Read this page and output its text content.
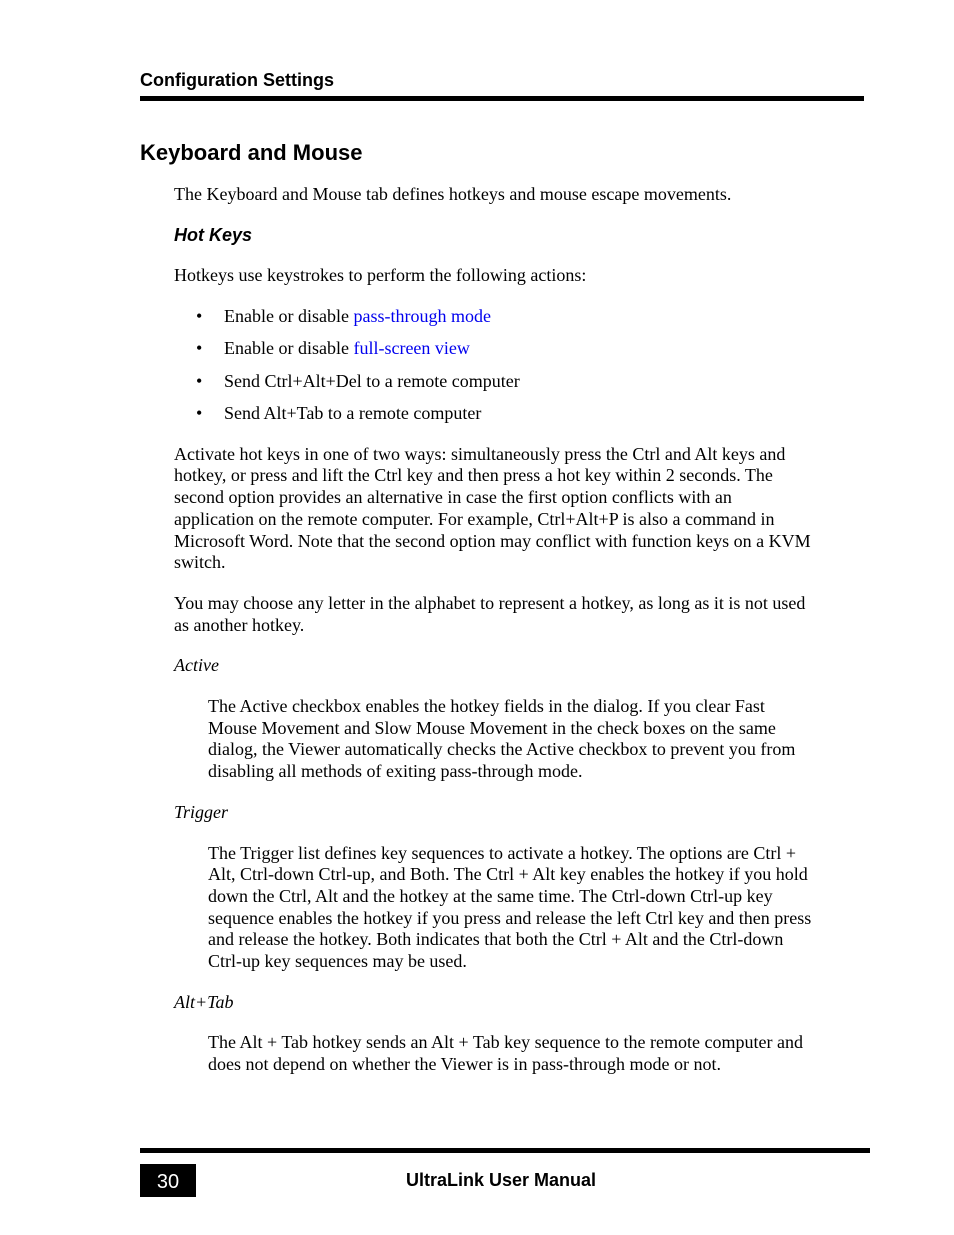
Configuration Settings
Keyboard and Mouse

The Keyboard and Mouse tab defines hotkeys and mouse escape movements.

Hot Keys

Hotkeys use keystrokes to perform the following actions:

• Enable or disable pass-through mode
• Enable or disable full-screen view
• Send Ctrl+Alt+Del to a remote computer
• Send Alt+Tab to a remote computer

Activate hot keys in one of two ways: simultaneously press the Ctrl and Alt keys and hotkey, or press and lift the Ctrl key and then press a hot key within 2 seconds. The second option provides an alternative in case the first option conflicts with an application on the remote computer. For example, Ctrl+Alt+P is also a command in Microsoft Word. Note that the second option may conflict with function keys on a KVM switch.

You may choose any letter in the alphabet to represent a hotkey, as long as it is not used as another hotkey.

Active

The Active checkbox enables the hotkey fields in the dialog. If you clear Fast Mouse Movement and Slow Mouse Movement in the check boxes on the same dialog, the Viewer automatically checks the Active checkbox to prevent you from disabling all methods of exiting pass-through mode.

Trigger

The Trigger list defines key sequences to activate a hotkey. The options are Ctrl + Alt, Ctrl-down Ctrl-up, and Both. The Ctrl + Alt key enables the hotkey if you hold down the Ctrl, Alt and the hotkey at the same time. The Ctrl-down Ctrl-up key sequence enables the hotkey if you press and release the left Ctrl key and then press and release the hotkey. Both indicates that both the Ctrl + Alt and the Ctrl-down Ctrl-up key sequences may be used.

Alt+Tab

The Alt + Tab hotkey sends an Alt + Tab key sequence to the remote computer and does not depend on whether the Viewer is in pass-through mode or not.

30	UltraLink User Manual
